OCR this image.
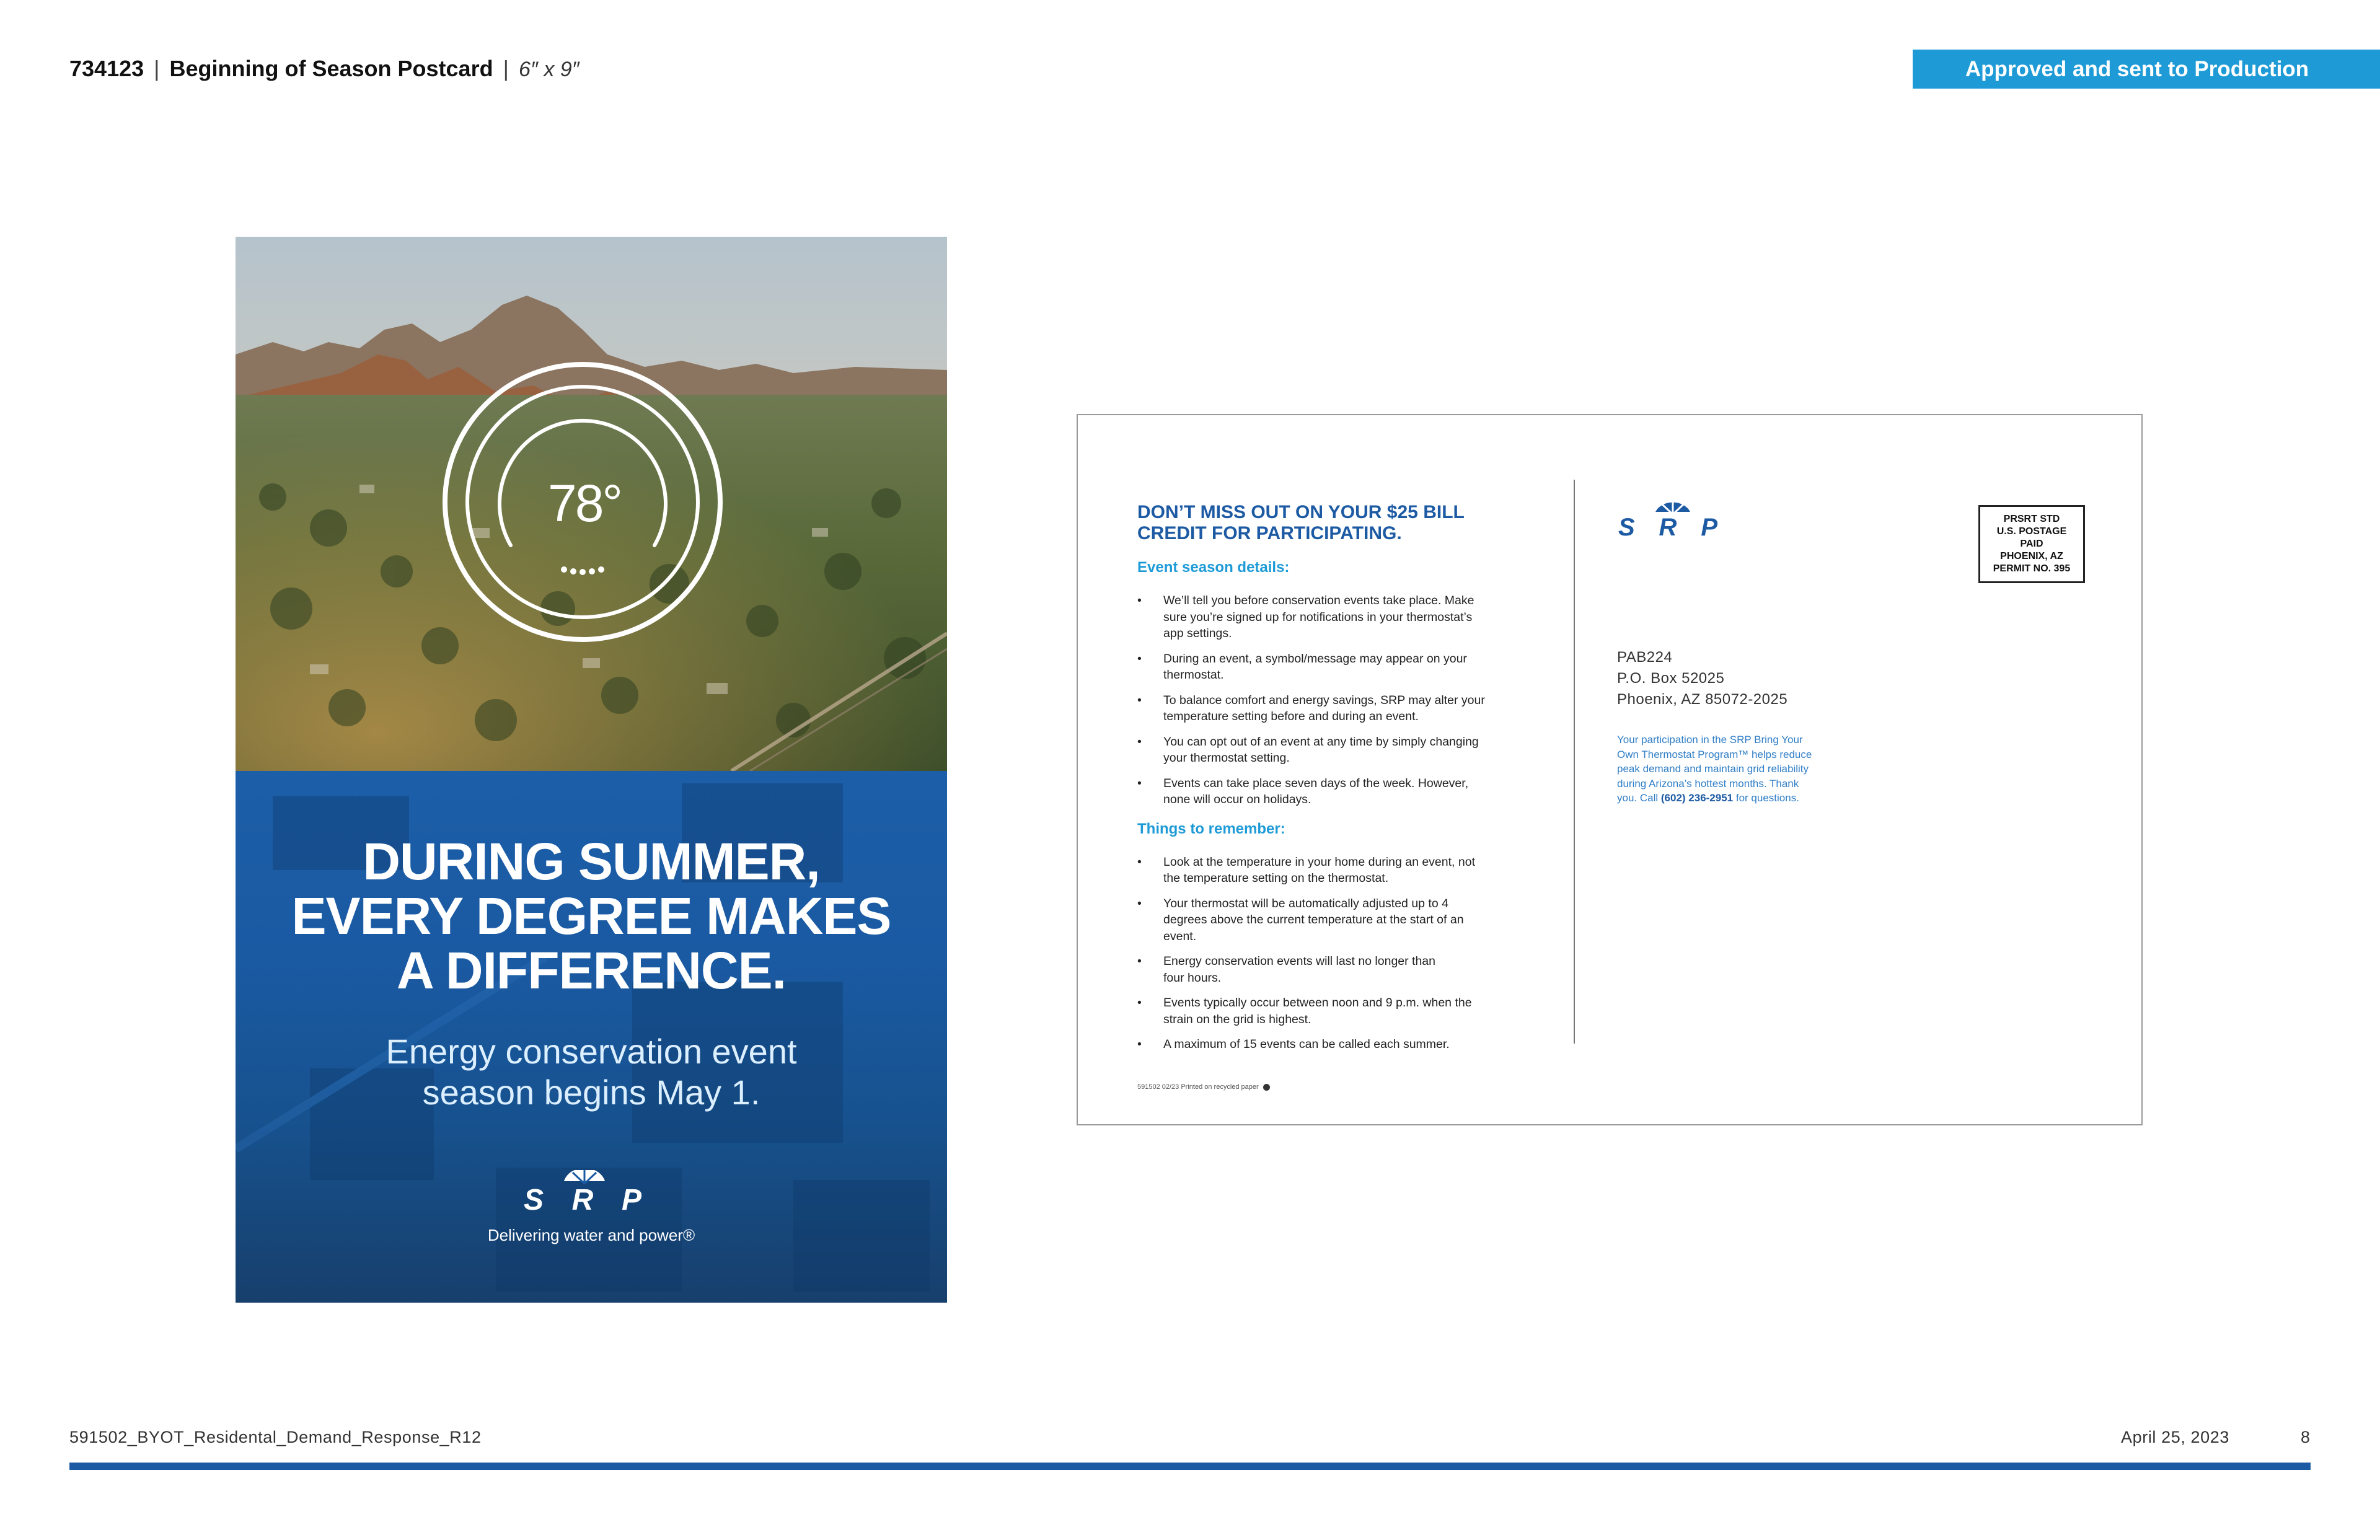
734123 | Beginning of Season Postcard | 6″ x 9″	Approved and sent to Production
78°
DURING SUMMER,
EVERY DEGREE MAKES
A DIFFERENCE.
Energy conservation event
season begins May 1.
SRP
Delivering water and power®
DON’T MISS OUT ON YOUR $25 BILL
CREDIT FOR PARTICIPATING.
Event season details:
• We’ll tell you before conservation events take place. Make
sure you’re signed up for notifications in your thermostat’s
app settings.
• During an event, a symbol/message may appear on your
thermostat.
• To balance comfort and energy savings, SRP may alter your
temperature setting before and during an event.
• You can opt out of an event at any time by simply changing
your thermostat setting.
• Events can take place seven days of the week. However,
none will occur on holidays.
Things to remember:
• Look at the temperature in your home during an event, not
the temperature setting on the thermostat.
• Your thermostat will be automatically adjusted up to 4
degrees above the current temperature at the start of an
event.
• Energy conservation events will last no longer than
four hours.
• Events typically occur between noon and 9 p.m. when the
strain on the grid is highest.
• A maximum of 15 events can be called each summer.
591502 02/23 Printed on recycled paper
SRP
PAB224
P.O. Box 52025
Phoenix, AZ 85072-2025
Your participation in the SRP Bring Your
Own Thermostat Program™ helps reduce
peak demand and maintain grid reliability
during Arizona’s hottest months. Thank
you. Call (602) 236-2951 for questions.
PRSRT STD
U.S. POSTAGE
PAID
PHOENIX, AZ
PERMIT NO. 395
591502_BYOT_Residental_Demand_Response_R12	April 25, 2023	8
